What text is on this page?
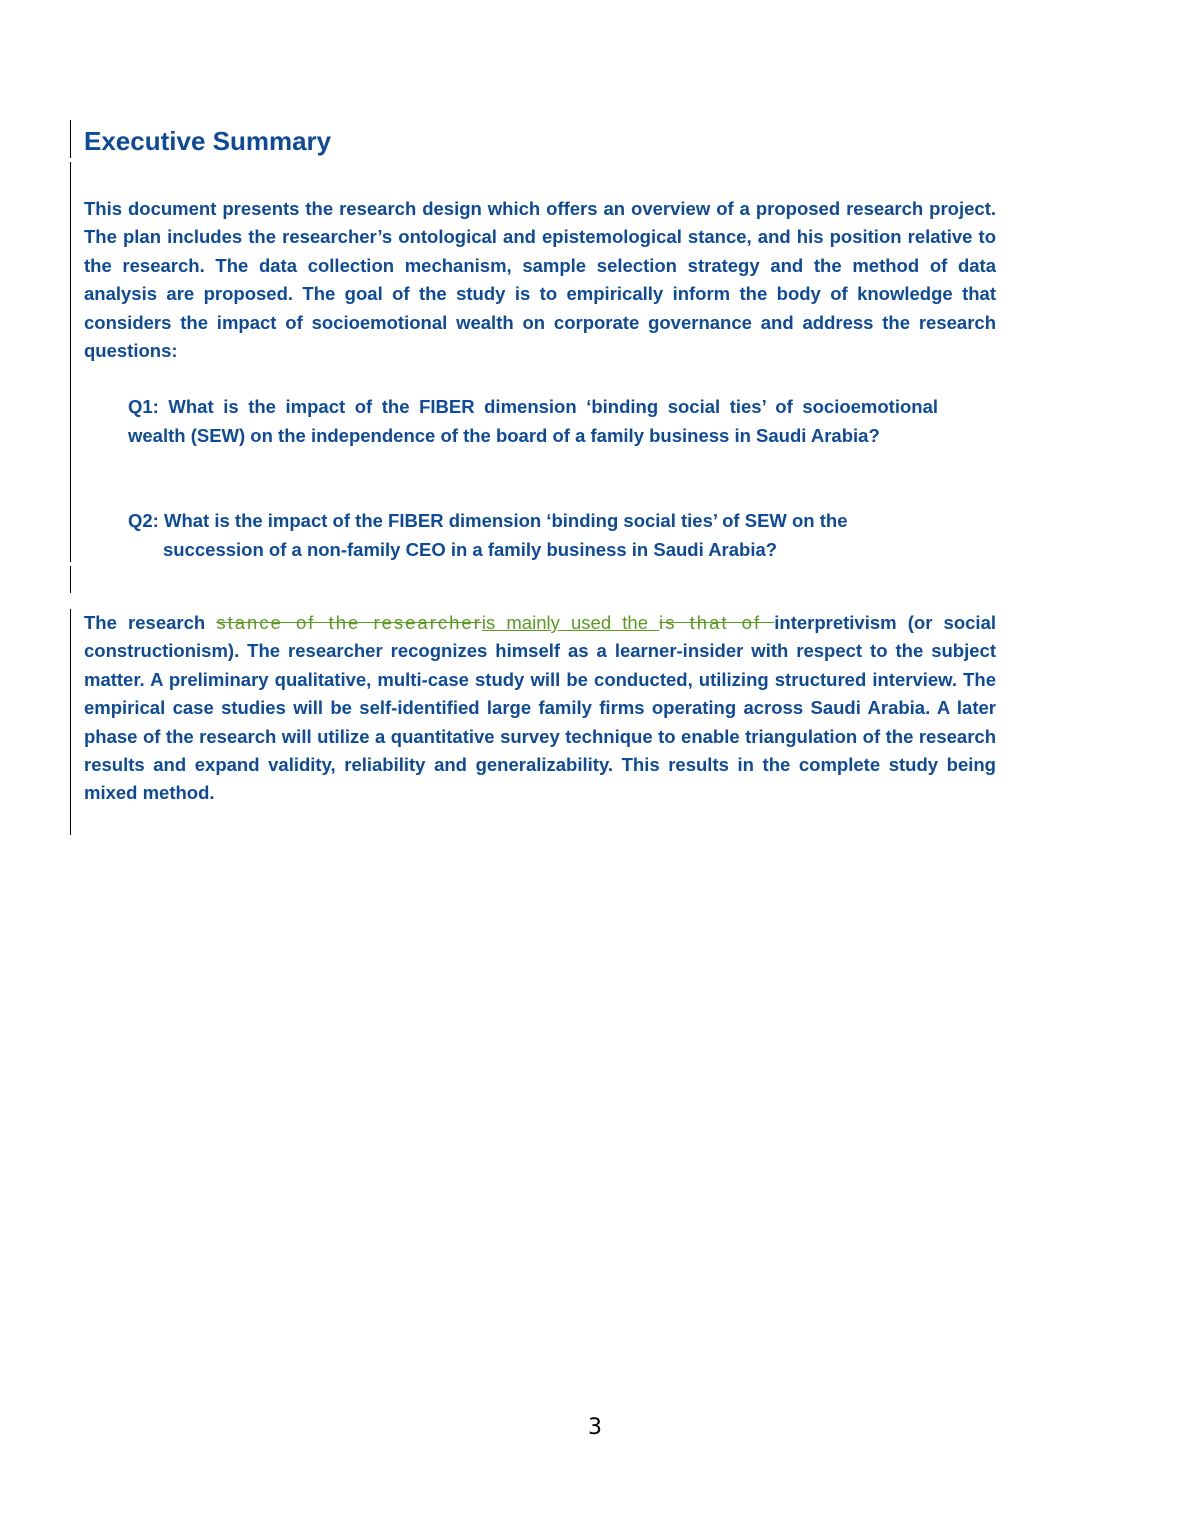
Executive Summary

This document presents the research design which offers an overview of a proposed research project. The plan includes the researcher’s ontological and epistemological stance, and his position relative to the research. The data collection mechanism, sample selection strategy and the method of data analysis are proposed. The goal of the study is to empirically inform the body of knowledge that considers the impact of socioemotional wealth on corporate governance and address the research questions:

Q1: What is the impact of the FIBER dimension ‘binding social ties’ of socioemotional wealth (SEW) on the independence of the board of a family business in Saudi Arabia?

Q2: What is the impact of the FIBER dimension ‘binding social ties’ of SEW on the
succession of a non-family CEO in a family business in Saudi Arabia?

The research stance of the researcheris mainly used the is that of interpretivism (or social constructionism). The researcher recognizes himself as a learner-insider with respect to the subject matter. A preliminary qualitative, multi-case study will be conducted, utilizing structured interview. The empirical case studies will be self-identified large family firms operating across Saudi Arabia. A later phase of the research will utilize a quantitative survey technique to enable triangulation of the research results and expand validity, reliability and generalizability. This results in the complete study being mixed method.

3
